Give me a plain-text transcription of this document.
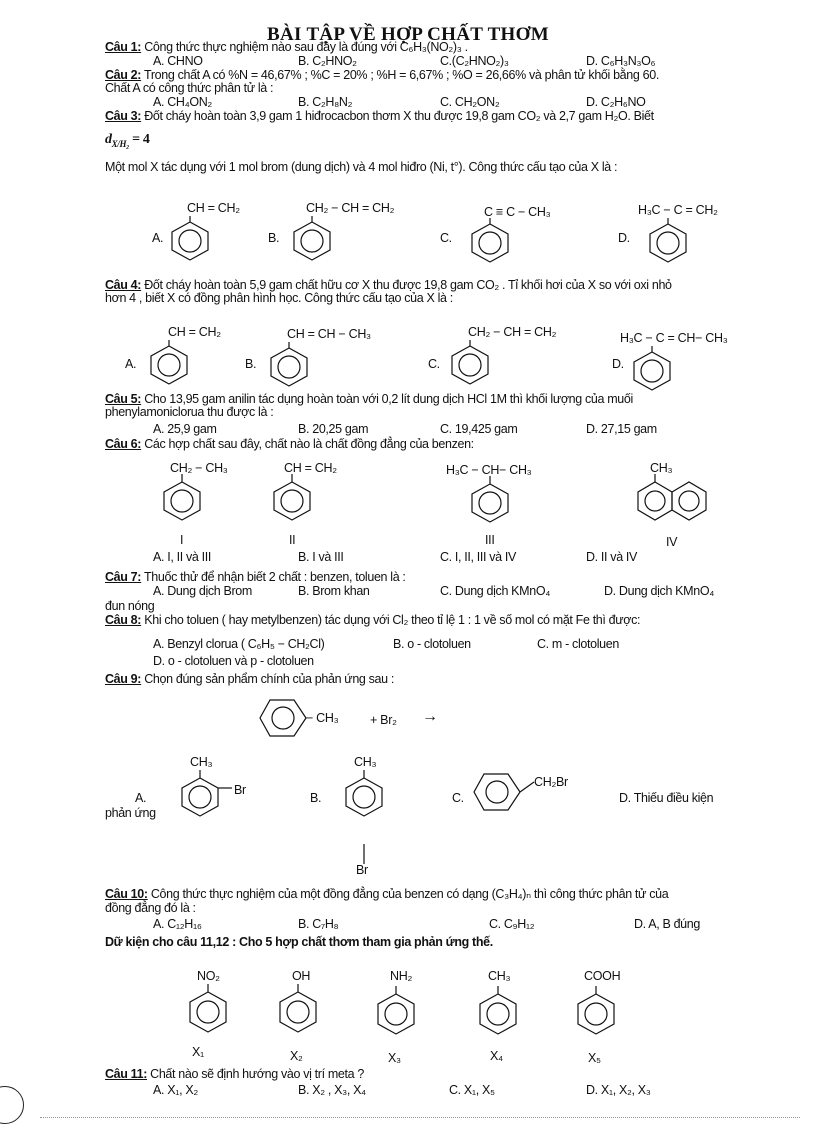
BÀI TẬP VỀ HỢP CHẤT THƠM
Câu 1: Công thức thực nghiệm nào sau đây là đúng với C₆H₃(NO₂)₃ .
A. CHNO	B. C₂HNO₂	C.(C₂HNO₂)₃	D. C₆H₃N₃O₆
Câu 2: Trong chất A có %N = 46,67% ; %C = 20% ; %H = 6,67% ; %O = 26,66% và phân tử khối bằng 60.
Chất A có công thức phân tử là :
A. CH₄ON₂	B. C₂H₈N₂	C. CH₂ON₂	D. C₂H₆NO
Câu 3: Đốt cháy hoàn toàn 3,9 gam 1 hiđrocacbon thơm X thu được 19,8 gam CO₂ và 2,7 gam H₂O. Biết
$d_{X/H_2} = 4$
Một mol X tác dụng với 1 mol brom (dung dịch) và 4 mol hiđro (Ni, t°). Công thức cấu tạo của X là :
A.
CH = CH₂
B.
CH₂ − CH = CH₂
C.
C ≡ C − CH₃
D.
H₃C − C = CH₂
Câu 4: Đốt cháy hoàn toàn 5,9 gam chất hữu cơ X thu được 19,8 gam CO₂ . Tỉ khối hơi của X so với oxi nhỏ
hơn 4 , biết X có đồng phân hình học. Công thức cấu tạo của X là :
A.
CH = CH₂
B.
CH = CH − CH₃
C.
CH₂ − CH = CH₂
D.
H₃C − C = CH− CH₃
Câu 5: Cho 13,95 gam anilin tác dụng hoàn toàn với 0,2 lít dung dịch HCl 1M thì khối lượng của muối
phenylamoniclorua thu được là :
A. 25,9 gam	B. 20,25 gam	C. 19,425 gam	D. 27,15 gam
Câu 6: Các hợp chất sau đây, chất nào là chất đồng đẳng của benzen:
CH₂ − CH₃
I
CH = CH₂
II
H₃C − CH− CH₃
III
CH₃
IV
A. I, II và III	B. I và III	C. I, II, III và IV	D. II và IV
Câu 7: Thuốc thử để nhận biết 2 chất : benzen, toluen là :
A. Dung dịch Brom	B. Brom khan	C. Dung dịch KMnO₄	D. Dung dịch KMnO₄
đun nóng
Câu 8: Khi cho toluen ( hay metylbenzen) tác dụng với Cl₂ theo tỉ lệ 1 : 1 về số mol có mặt Fe thì được:
A. Benzyl clorua ( C₆H₅ − CH₂Cl)	B. o - clotoluen	C. m - clotoluen
D. o - clotoluen và p - clotoluen
Câu 9: Chọn đúng sản phẩm chính của phản ứng sau :
− CH₃	+ Br₂ →
A.
phản ứng
CH₃
Br
B.
CH₃
Br
C.
CH₂Br
D. Thiếu điều kiện
Câu 10: Công thức thực nghiệm của một đồng đẳng của benzen có dạng (C₃H₄)ₙ thì công thức phân tử của
đồng đẳng đó là :
A. C₁₂H₁₆	B. C₇H₈	C. C₉H₁₂	D. A, B đúng
Dữ kiện cho câu 11,12 : Cho 5 hợp chất thơm tham gia phản ứng thế.
NO₂
X₁
OH
X₂
NH₂
X₃
CH₃
X₄
COOH
X₅
Câu 11: Chất nào sẽ định hướng vào vị trí meta ?
A. X₁, X₂	B. X₂ , X₃, X₄	C. X₁, X₅	D. X₁, X₂, X₃
